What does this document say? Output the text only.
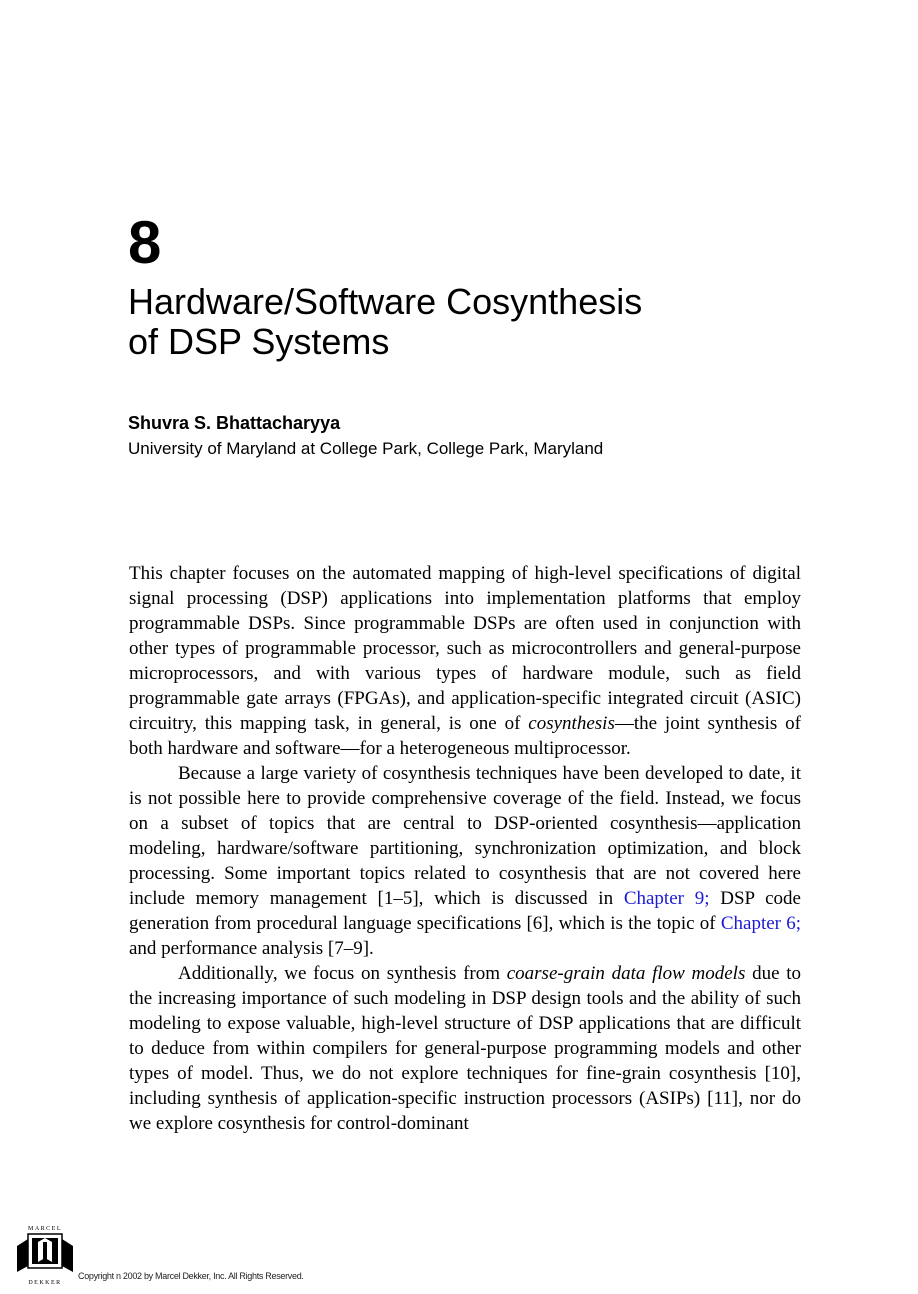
8
Hardware/Software Cosynthesis
of DSP Systems
Shuvra S. Bhattacharyya
University of Maryland at College Park, College Park, Maryland

This chapter focuses on the automated mapping of high-level specifications of digital signal processing (DSP) applications into implementation platforms that employ programmable DSPs. Since programmable DSPs are often used in conjunction with other types of programmable processor, such as microcontrollers and general-purpose microprocessors, and with various types of hardware module, such as field programmable gate arrays (FPGAs), and application-specific integrated circuit (ASIC) circuitry, this mapping task, in general, is one of cosynthesis—the joint synthesis of both hardware and software—for a heterogeneous multiprocessor.

Because a large variety of cosynthesis techniques have been developed to date, it is not possible here to provide comprehensive coverage of the field. Instead, we focus on a subset of topics that are central to DSP-oriented cosynthesis—application modeling, hardware/software partitioning, synchronization optimization, and block processing. Some important topics related to cosynthesis that are not covered here include memory management [1–5], which is discussed in Chapter 9; DSP code generation from procedural language specifications [6], which is the topic of Chapter 6; and performance analysis [7–9].

Additionally, we focus on synthesis from coarse-grain data flow models due to the increasing importance of such modeling in DSP design tools and the ability of such modeling to expose valuable, high-level structure of DSP applications that are difficult to deduce from within compilers for general-purpose programming models and other types of model. Thus, we do not explore techniques for fine-grain cosynthesis [10], including synthesis of application-specific instruction processors (ASIPs) [11], nor do we explore cosynthesis for control-dominant

MARCEL
DEKKER
Copyright n 2002 by Marcel Dekker, Inc. All Rights Reserved.
